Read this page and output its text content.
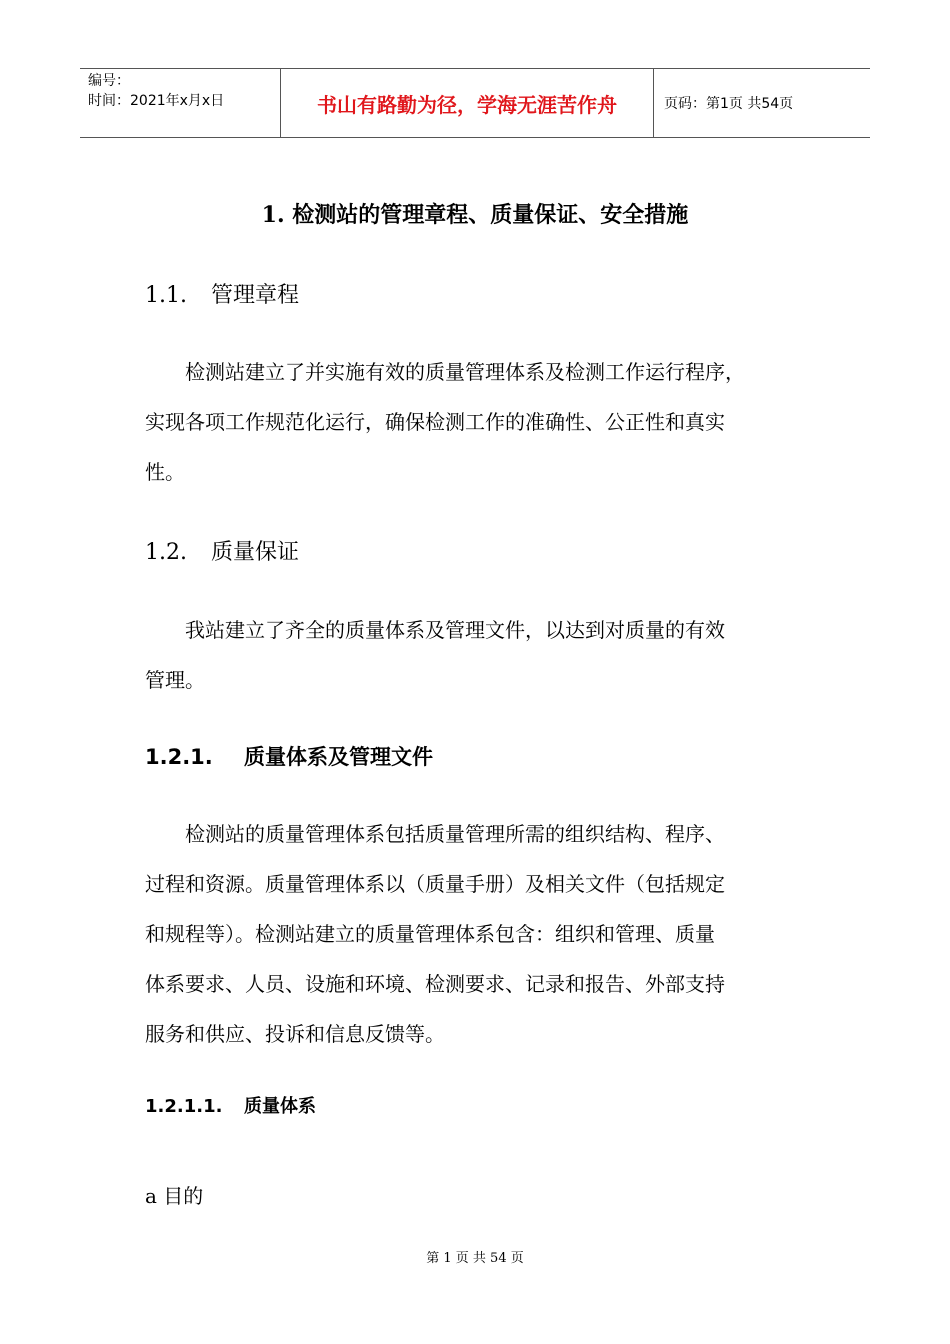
编号：
时间：2021年x月x日	书山有路勤为径，学海无涯苦作舟	页码：第1页 共54页
1. 检测站的管理章程、质量保证、安全措施
1.1. 管理章程
　　检测站建立了并实施有效的质量管理体系及检测工作运行程序，
实现各项工作规范化运行，确保检测工作的准确性、公正性和真实
性。
1.2. 质量保证
　　我站建立了齐全的质量体系及管理文件，以达到对质量的有效
管理。
1.2.1. 质量体系及管理文件
　　检测站的质量管理体系包括质量管理所需的组织结构、程序、
过程和资源。质量管理体系以（质量手册）及相关文件（包括规定
和规程等）。检测站建立的质量管理体系包含：组织和管理、质量
体系要求、人员、设施和环境、检测要求、记录和报告、外部支持
服务和供应、投诉和信息反馈等。
1.2.1.1. 质量体系
a 目的
第 1 页 共 54 页
